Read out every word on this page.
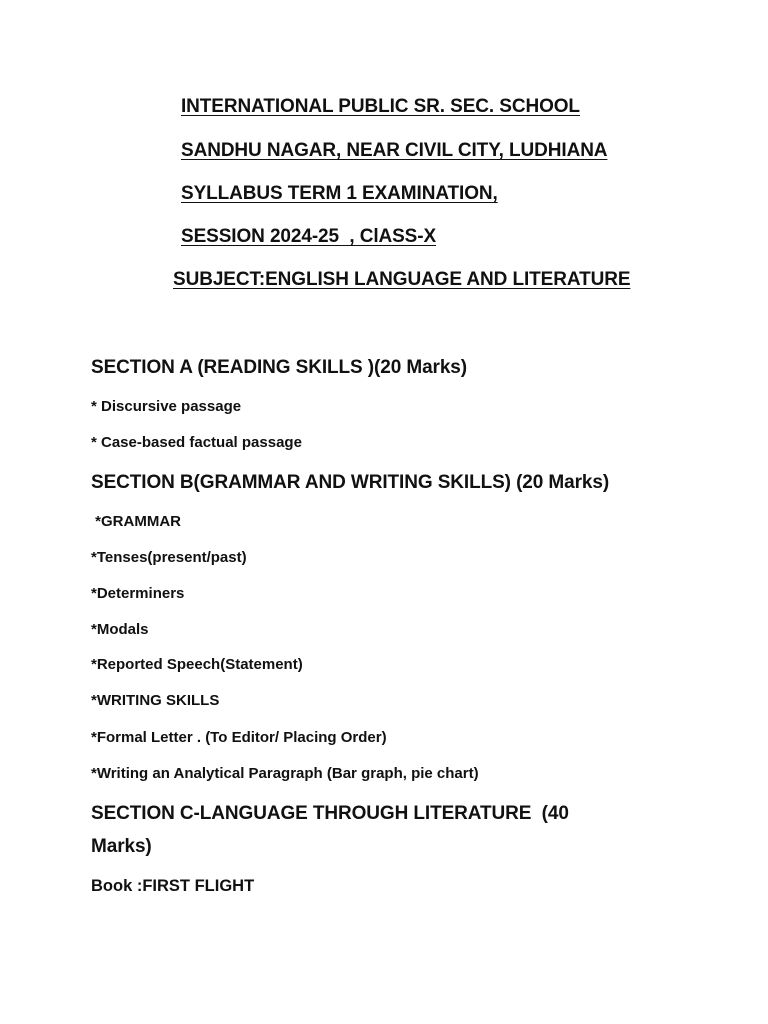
INTERNATIONAL PUBLIC SR. SEC. SCHOOL
SANDHU NAGAR, NEAR CIVIL CITY, LUDHIANA
SYLLABUS TERM 1 EXAMINATION,
SESSION 2024-25  , ClASS-X
SUBJECT:ENGLISH LANGUAGE AND LITERATURE
SECTION A (READING SKILLS )(20 Marks)
* Discursive passage
* Case-based factual passage
SECTION B(GRAMMAR AND WRITING SKILLS) (20 Marks)
*GRAMMAR
*Tenses(present/past)
*Determiners
*Modals
*Reported Speech(Statement)
*WRITING SKILLS
*Formal Letter . (To Editor/ Placing Order)
*Writing an Analytical Paragraph (Bar graph, pie chart)
SECTION C-LANGUAGE THROUGH LITERATURE  (40 Marks)
Book :FIRST FLIGHT
